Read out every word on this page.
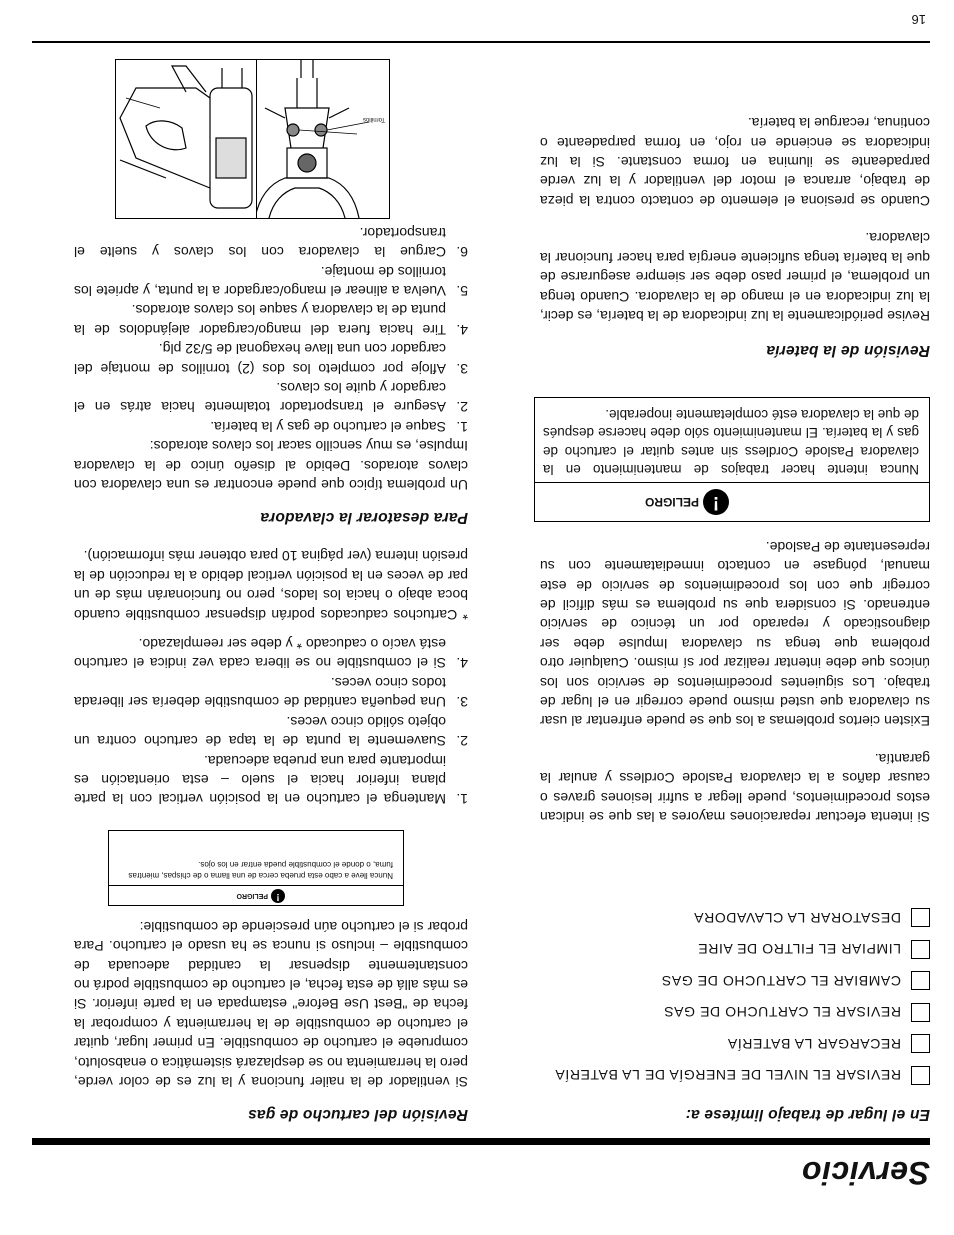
Servicio
En el lugar de trabajo limítese a:
REVISAR EL NIVEL DE ENERGÍA DE LA BATERÍA
RECARGAR LA BATERÍA
REVISAR EL CARTUCHO DE GAS
CAMBIAR EL CARTUCHO DE GAS
LIMPIAR EL FILTRO DE AIRE
DESATORAR LA CLAVADORA

Si intenta efectuar reparaciones mayores a las que se indican estos procedimientos, puede llegar a sufrir lesiones graves o causar daños a la clavadora Paslode Cordless y anular la garantía.

Existen ciertos problemas a los que se puede enfrentar al usar su clavadora que usted mismo puede corregir en el lugar de trabajo. Los siguientes procedimientos de servicio son los únicos que debe intentar realizar por sí mismo. Cualquier otro problema que tenga su clavadora Impulse debe ser diagnosticado y reparado por un técnico de servicio entrenado. Si considera que su problema es más difícil de corregir que con los procedimientos de servicio de este manual, póngase en contacto inmediatamente con su representante de Paslode.

!
PELIGRO

Nunca intente hacer trabajos de mantenimiento en la clavadora Paslode Cordless sin antes quitar el cartucho de gas y la batería. El mantenimiento sólo debe hacerse después de que la clavadora esté completamente inoperable.

Revisión de la batería

Revise periódicamente la luz indicadora de la batería, es decir, la luz indicadora en el mango de la clavadora. Cuando tenga un problema, el primer paso debe ser siempre asegurarse de que la batería tenga suficiente energía para hacer funcionar la clavadora.

Cuando se presiona el elemento de contacto contra la pieza de trabajo, arranca el motor del ventilador y la luz verde parpadeante se ilumina en forma constante. Si la luz indicadora se enciende en rojo, en forma parpadeante o continua, recargue la batería.

Revisión del cartucho de gas

Si ventilador de la nailer funciona y la luz es de color verde, pero la herramienta no se desplazará sistemática o enabsoluto, compruebe el cartucho de combustible. En primer lugar, quitar el cartucho de combustible de la herramienta y comprobar la fecha de "Best Use Before" estampada en la parte inferior. Si es más allá de esta fecha, el cartucho de combustible podrá no constantemente dispensar la cantidad adecuada de combustible – incluso si nunca se ha usado el cartucho. Para probar si el cartucho aún presciende de combustible:

!
PELIGRO

Nunca lleve a cabo esta prueba cerca de una llama o de chispas, mientras fuma, o donde el combustible pueda entrar en los ojos.

1.
Mantenga el cartucho en la posición vertical con la parte plana inferior hacia el suelo – esta orientación es importante para una prueba adecuada.
2.
Suavemente la punta de la tapa de cartucho contra un objeto sólido cinco veces.
3.
Una pequeña cantidad de combustible debería ser liberada todos cinco veces.
4.
Si el combustible no se libera cada vez indica el cartucho está vacío o caducado * y debe ser reemplazado.

* Cartuchos caducados podrán dispensar combustible cuando boca abajo o hacia los lados, pero no funcionarán más de un par de veces en la posición vertical debido a la reducción de la presión interna (ver página 10 para obtener más información).

Para desatorar la clavadora

Un problema típico que puede encontrar es una clavadora con clavos atorados. Debido al diseño único de la clavadora Impulse, es muy sencillo sacar los clavos atorados:

1.
Saque el cartucho de gas y la batería.
2.
Asegure el transportador totalmente hacia atrás en el cargador y quite los clavos.
3.
Afloje por completo los dos (2) tornillos de montaje del cargador con una llave hexagonal de 5/32 plg.
4.
Tire hacia fuera del mango/cargador alejándolos de la punta de la clavadora y saque los clavos atorados.
5.
Vuelva a alinear el mango/cargador a la punta, y apriete los tornillos de montaje.
6.
Cargue la clavadora con los clavos y suelte el transportador.
Tornillos
16
